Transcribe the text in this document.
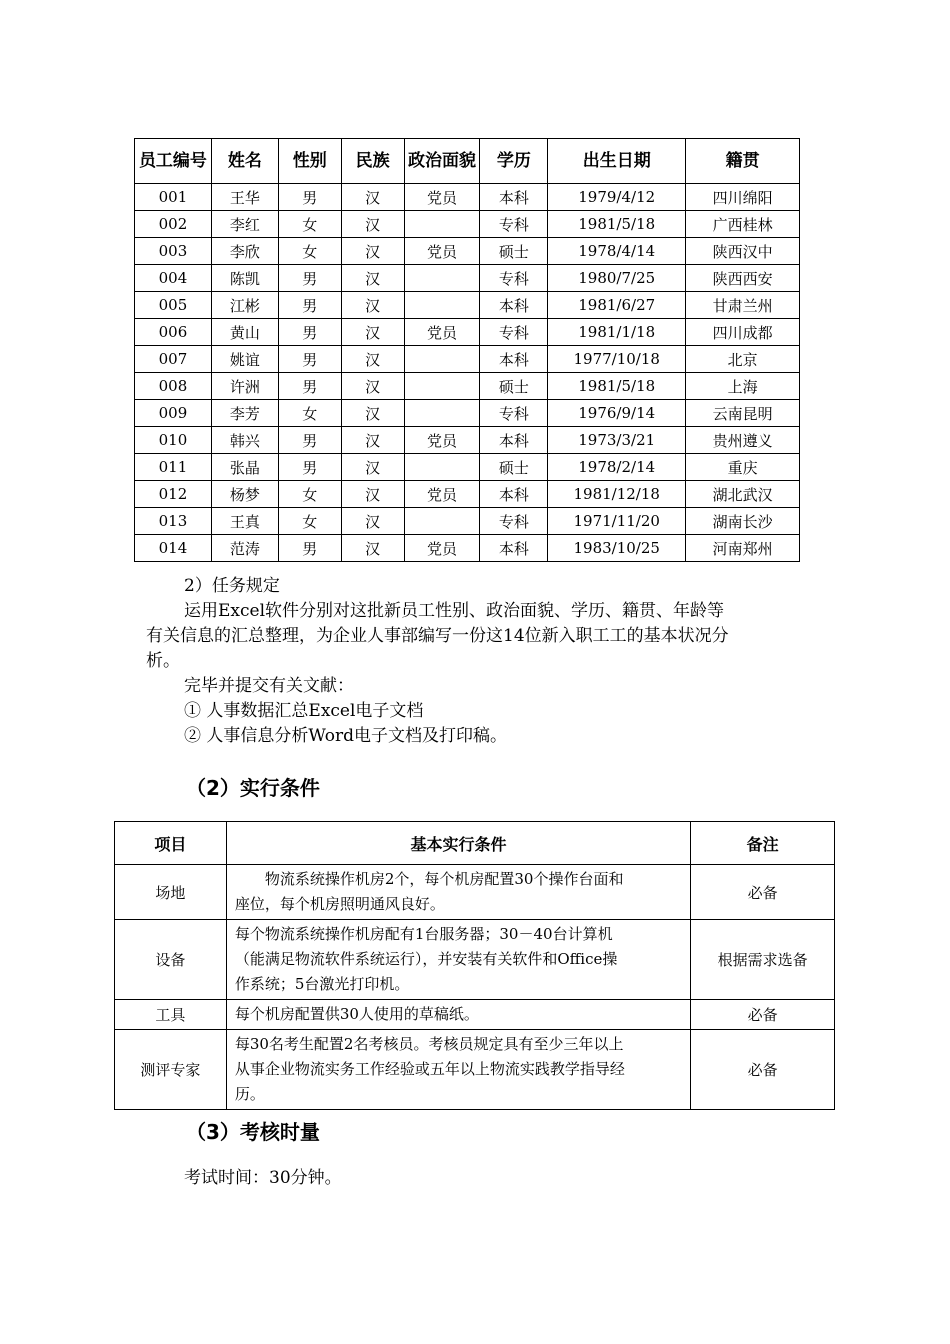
员工编号	姓名	性别	民族	政治面貌	学历	出生日期	籍贯
001	王华	男	汉	党员	本科	1979/4/12	四川绵阳
002	李红	女	汉		专科	1981/5/18	广西桂林
003	李欣	女	汉	党员	硕士	1978/4/14	陕西汉中
004	陈凯	男	汉		专科	1980/7/25	陕西西安
005	江彬	男	汉		本科	1981/6/27	甘肃兰州
006	黄山	男	汉	党员	专科	1981/1/18	四川成都
007	姚谊	男	汉		本科	1977/10/18	北京
008	许洲	男	汉		硕士	1981/5/18	上海
009	李芳	女	汉		专科	1976/9/14	云南昆明
010	韩兴	男	汉	党员	本科	1973/3/21	贵州遵义
011	张晶	男	汉		硕士	1978/2/14	重庆
012	杨梦	女	汉	党员	本科	1981/12/18	湖北武汉
013	王真	女	汉		专科	1971/11/20	湖南长沙
014	范涛	男	汉	党员	本科	1983/10/25	河南郑州

2）任务规定

运用Excel软件分别对这批新员工性别、政治面貌、学历、籍贯、年龄等

有关信息的汇总整理，为企业人事部编写一份这14位新入职工工的基本状况分

析。

完毕并提交有关文献：

① 人事数据汇总Excel电子文档

② 人事信息分析Word电子文档及打印稿。

（2）实行条件

项目	基本实行条件	备注
场地	物流系统操作机房2个，每个机房配置30个操作台面和
座位，每个机房照明通风良好。	必备
设备	每个物流系统操作机房配有1台服务器；30－40台计算机
（能满足物流软件系统运行），并安装有关软件和Office操
作系统；5台激光打印机。	根据需求选备
工具	每个机房配置供30人使用的草稿纸。	必备
测评专家	每30名考生配置2名考核员。考核员规定具有至少三年以上
从事企业物流实务工作经验或五年以上物流实践教学指导经
历。	必备

（3）考核时量

考试时间：30分钟。
